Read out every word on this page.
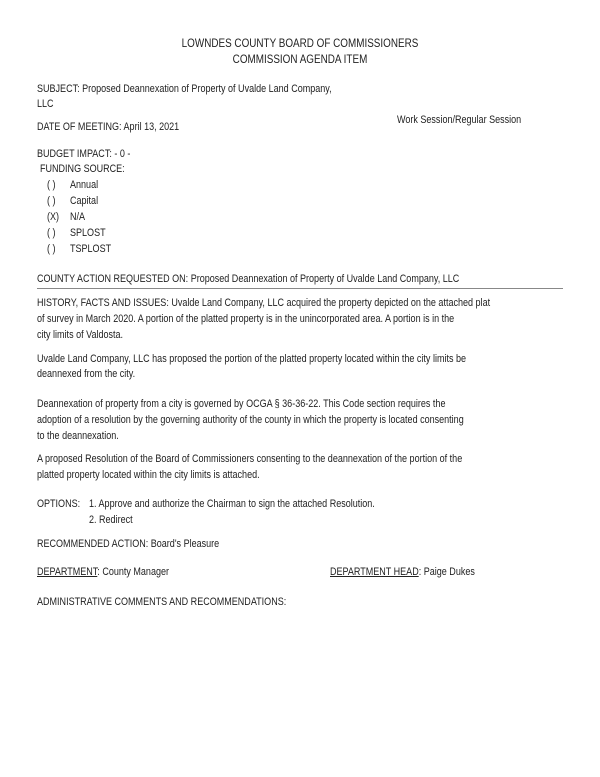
LOWNDES COUNTY BOARD OF COMMISSIONERS
COMMISSION AGENDA ITEM
SUBJECT: Proposed Deannexation of Property of Uvalde Land Company,
LLC
DATE OF MEETING: April 13, 2021
Work Session/Regular Session
BUDGET IMPACT: - 0 -
FUNDING SOURCE:
( ) Annual
( ) Capital
(X) N/A
( ) SPLOST
( ) TSPLOST
COUNTY ACTION REQUESTED ON: Proposed Deannexation of Property of Uvalde Land Company, LLC
HISTORY, FACTS AND ISSUES: Uvalde Land Company, LLC acquired the property depicted on the attached plat
of survey in March 2020. A portion of the platted property is in the unincorporated area. A portion is in the
city limits of Valdosta.
Uvalde Land Company, LLC has proposed the portion of the platted property located within the city limits be
deannexed from the city.
Deannexation of property from a city is governed by OCGA § 36-36-22. This Code section requires the
adoption of a resolution by the governing authority of the county in which the property is located consenting
to the deannexation.
A proposed Resolution of the Board of Commissioners consenting to the deannexation of the portion of the
platted property located within the city limits is attached.
OPTIONS: 1. Approve and authorize the Chairman to sign the attached Resolution.
2. Redirect
RECOMMENDED ACTION: Board's Pleasure
DEPARTMENT: County Manager	DEPARTMENT HEAD: Paige Dukes
ADMINISTRATIVE COMMENTS AND RECOMMENDATIONS:
